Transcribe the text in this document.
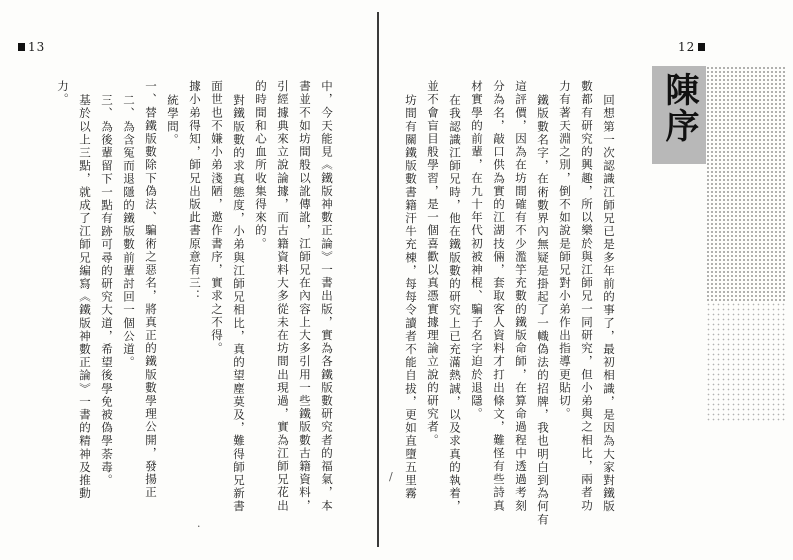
13
力。
基於以上三點，就成了江師兄編寫《鐵版神數正論》一書的精神及推動 三、為後輩留下一點有跡可尋的研究大道，希望後學免被偽學荼毒。 二、為含冤而退隱的鐵版數前輩討回一個公道。 一、替鐵版數除下偽法、騙術之惡名，將真正的鐵版數學理公開，發揚正 統學問。 據小弟得知，師兄出版此書原意有三： 面世也不嫌小弟淺陋，邀作書序，實求之不得。 對鐵版數的求真態度，小弟與江師兄相比，真的望塵莫及，難得師兄新書 的時間和心血所收集得來的。 引經據典來立說論據，而古籍資料大多從未在坊間出現過，實為江師兄花出 書並不如坊間般以訛傳訛，江師兄在內容上大多引用一些鐵版數古籍資料， 中，今天能見《鐵版神數正論》一書出版，實為各鐵版數研究者的福氣，本
·
12
坊間有關鐵版數書籍汗牛充棟，每每令讀者不能自拔，更如直墮五里霧 並不會盲目般學習，是一個喜歡以真憑實據理論立說的研究者。 在我認識江師兄時，他在鐵版數的研究上已充滿熱誠，以及求真的執着， 材實學的前輩，在九十年代初被神棍、騙子名字迫於退隱。 分為名，敲口供為實的江湖技倆，套取客人資料才打出條文，難怪有些詩真 這評價，因為在坊間確有不少濫竽充數的鐵版命師，在算命過程中透過考刻 鐵版數名字，在術數界內無疑是掛起了一幟偽法的招牌，我也明白到為何有 力有著天淵之別，倒不如說是師兄對小弟作出指導更貼切。 數都有研究的興趣，所以樂於與江師兄一同研究，但小弟與之相比，兩者功 回想第一次認識江師兄已是多年前的事了，最初相識，是因為大家對鐵版 陳序
/
